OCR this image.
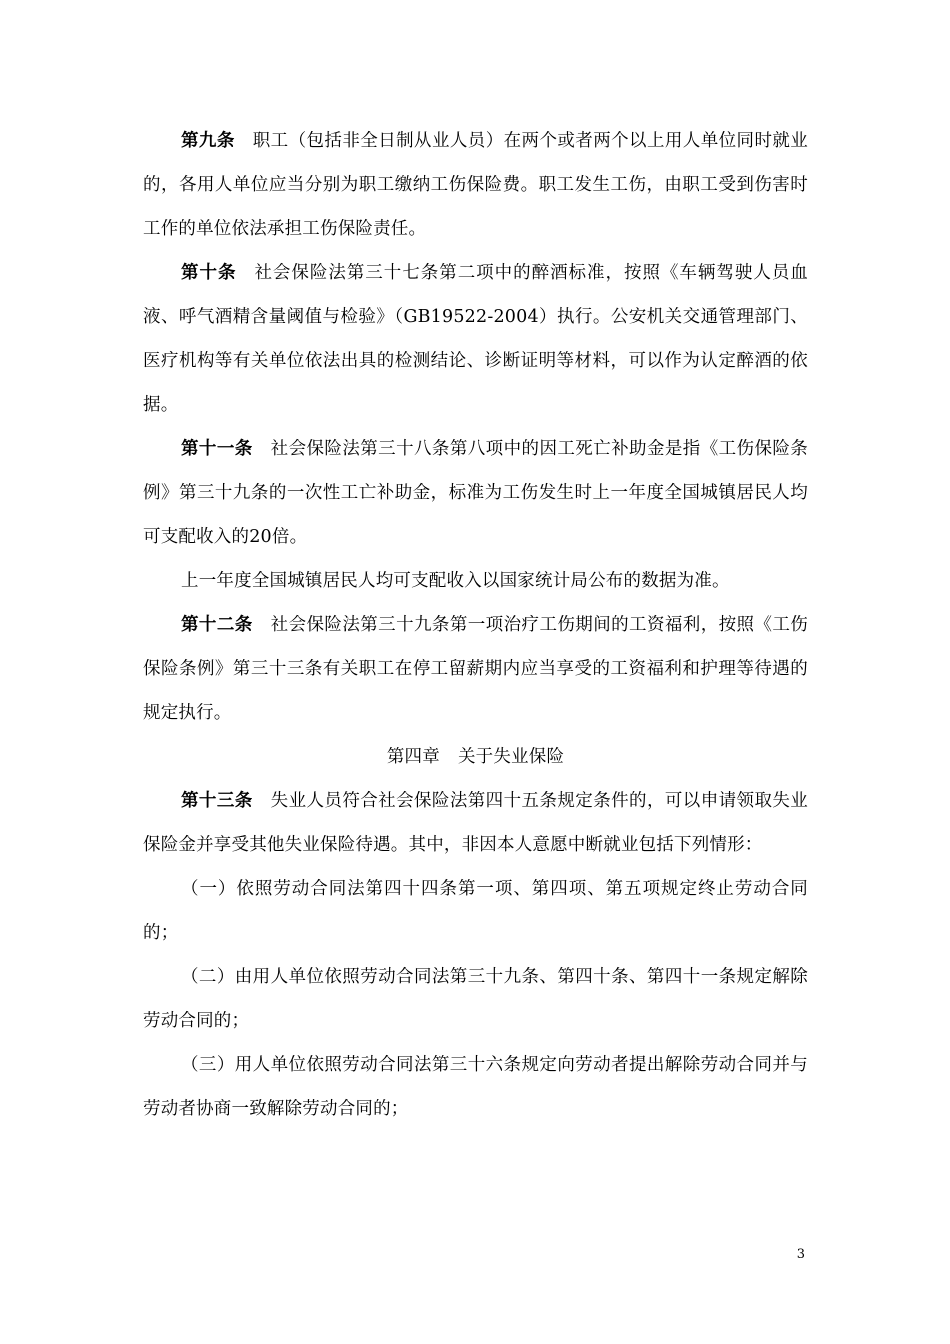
第九条 职工（包括非全日制从业人员）在两个或者两个以上用人单位同时就业的，各用人单位应当分别为职工缴纳工伤保险费。职工发生工伤，由职工受到伤害时工作的单位依法承担工伤保险责任。

第十条 社会保险法第三十七条第二项中的醉酒标准，按照《车辆驾驶人员血液、呼气酒精含量阈值与检验》（GB19522-2004）执行。公安机关交通管理部门、医疗机构等有关单位依法出具的检测结论、诊断证明等材料，可以作为认定醉酒的依据。

第十一条 社会保险法第三十八条第八项中的因工死亡补助金是指《工伤保险条例》第三十九条的一次性工亡补助金，标准为工伤发生时上一年度全国城镇居民人均可支配收入的20倍。

上一年度全国城镇居民人均可支配收入以国家统计局公布的数据为准。

第十二条 社会保险法第三十九条第一项治疗工伤期间的工资福利，按照《工伤保险条例》第三十三条有关职工在停工留薪期内应当享受的工资福利和护理等待遇的规定执行。

第四章 关于失业保险

第十三条 失业人员符合社会保险法第四十五条规定条件的，可以申请领取失业保险金并享受其他失业保险待遇。其中，非因本人意愿中断就业包括下列情形：

（一）依照劳动合同法第四十四条第一项、第四项、第五项规定终止劳动合同的；

（二）由用人单位依照劳动合同法第三十九条、第四十条、第四十一条规定解除劳动合同的；

（三）用人单位依照劳动合同法第三十六条规定向劳动者提出解除劳动合同并与劳动者协商一致解除劳动合同的；

3
